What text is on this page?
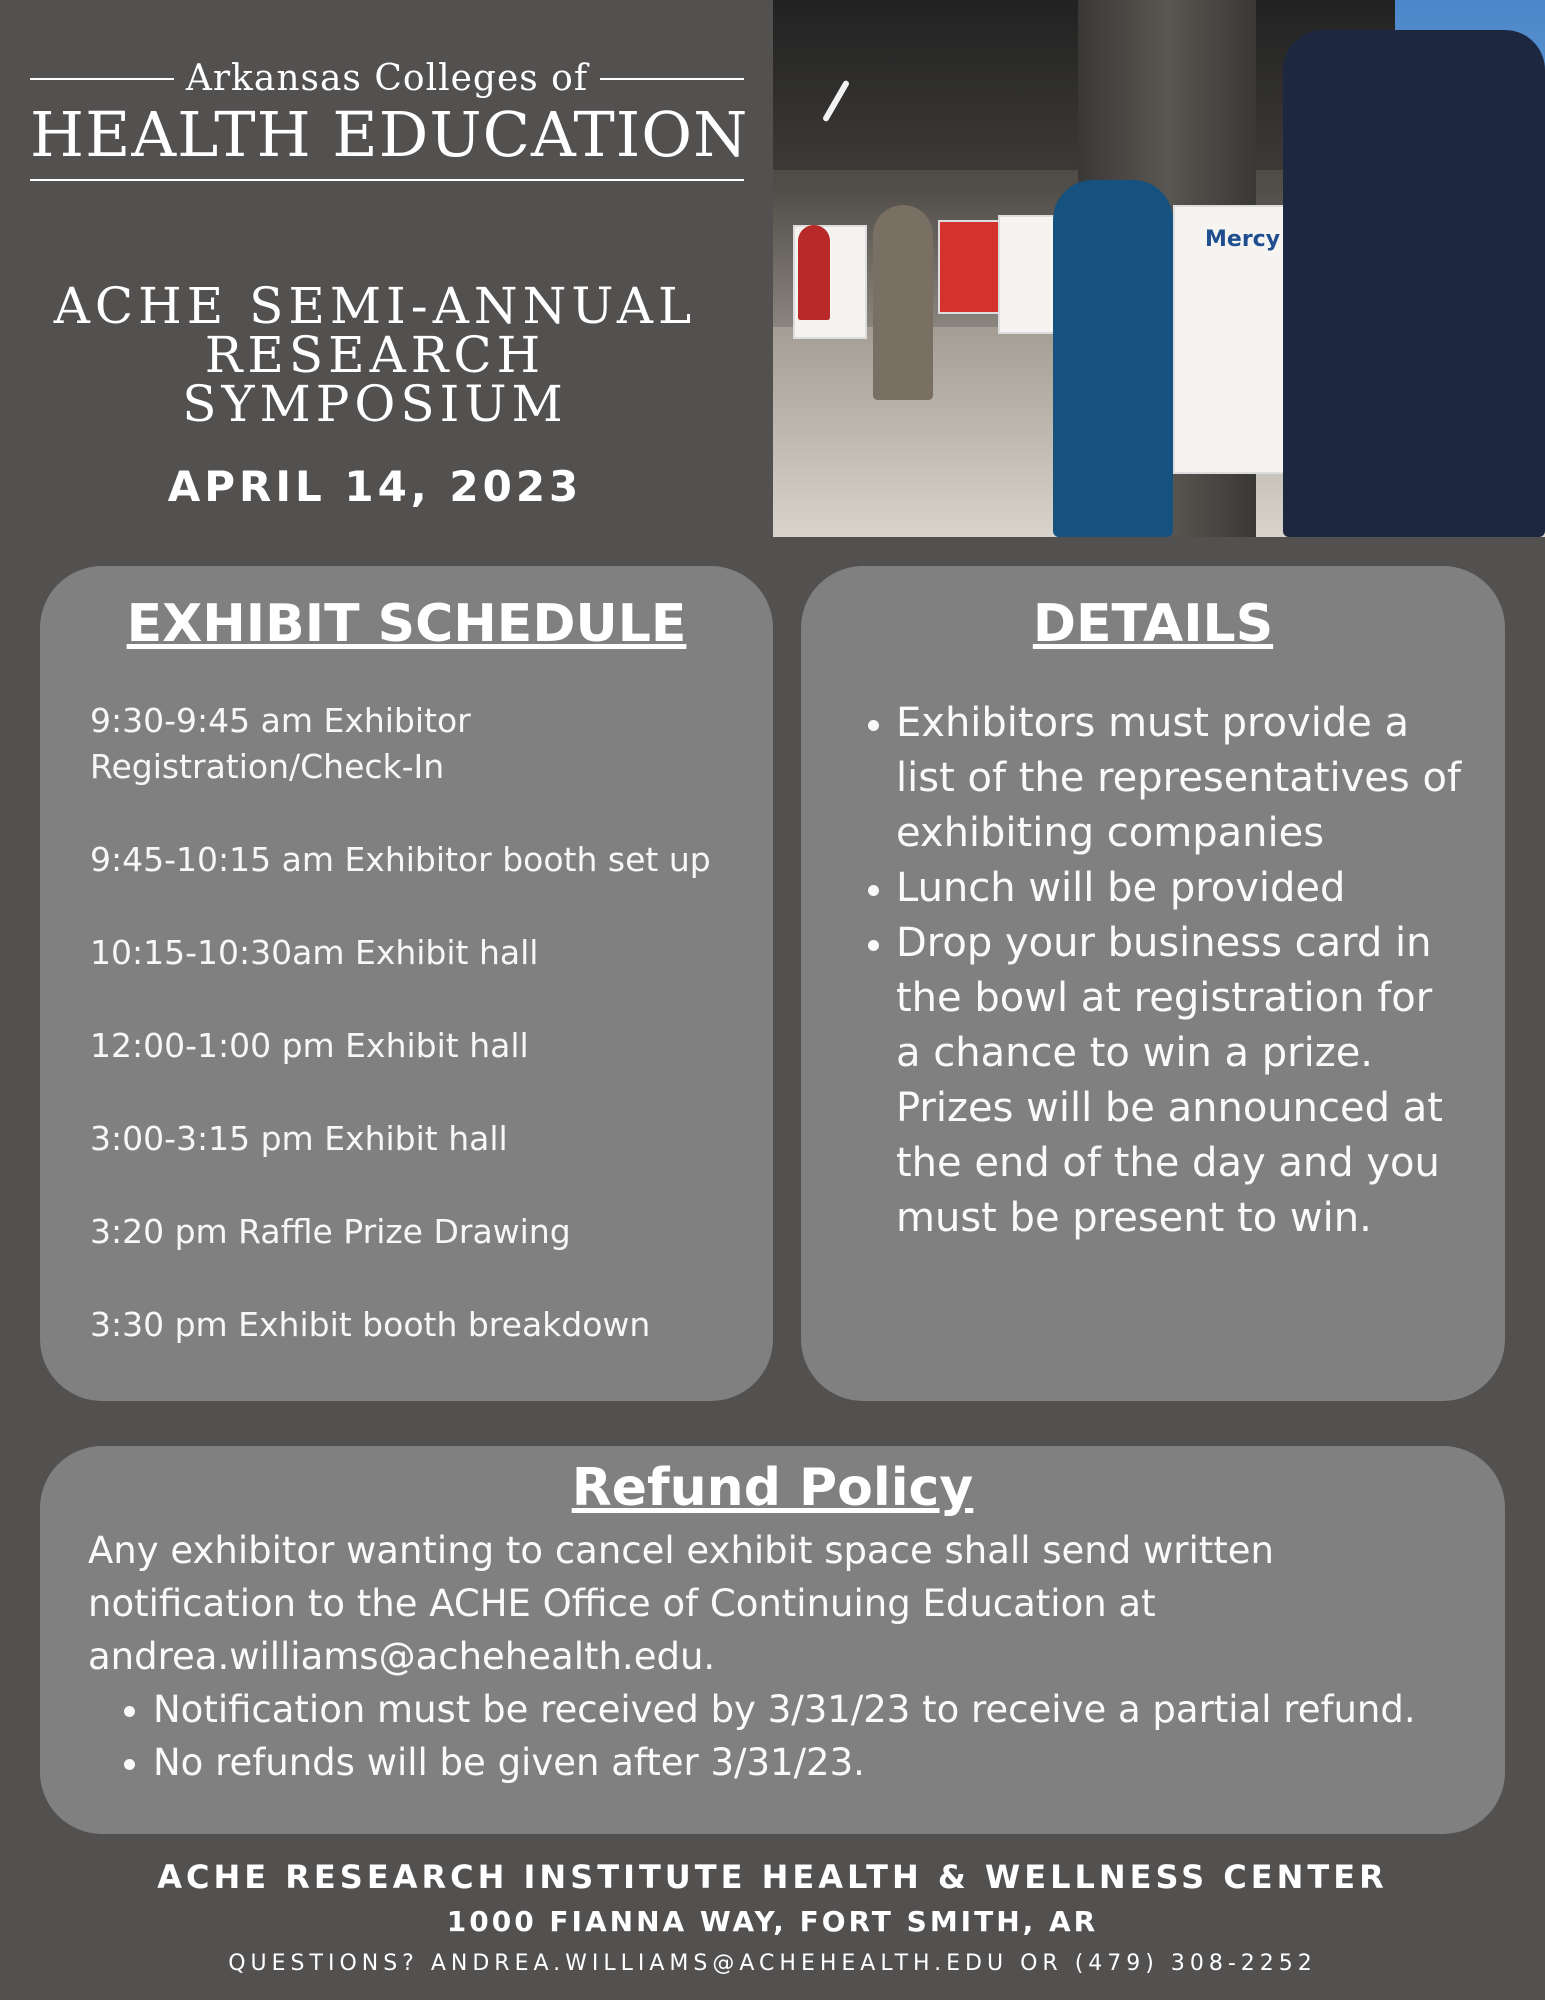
Arkansas Colleges of
HEALTH EDUCATION
ACHE SEMI-ANNUAL
RESEARCH
SYMPOSIUM
APRIL 14, 2023
Mercy
EXHIBIT SCHEDULE
9:30-9:45 am Exhibitor Registration/Check-In
9:45-10:15 am Exhibitor booth set up
10:15-10:30am Exhibit hall
12:00-1:00 pm Exhibit hall
3:00-3:15 pm Exhibit hall
3:20 pm Raffle Prize Drawing
3:30 pm Exhibit booth breakdown
DETAILS
• Exhibitors must provide a list of the representatives of exhibiting companies
• Lunch will be provided
• Drop your business card in the bowl at registration for a chance to win a prize. Prizes will be announced at the end of the day and you must be present to win.
Refund Policy
Any exhibitor wanting to cancel exhibit space shall send written notification to the ACHE Office of Continuing Education at andrea.williams@achehealth.edu.
• Notification must be received by 3/31/23 to receive a partial refund.
• No refunds will be given after 3/31/23.
ACHE RESEARCH INSTITUTE HEALTH & WELLNESS CENTER
1000 FIANNA WAY, FORT SMITH, AR
QUESTIONS? ANDREA.WILLIAMS@ACHEHEALTH.EDU OR (479) 308-2252
